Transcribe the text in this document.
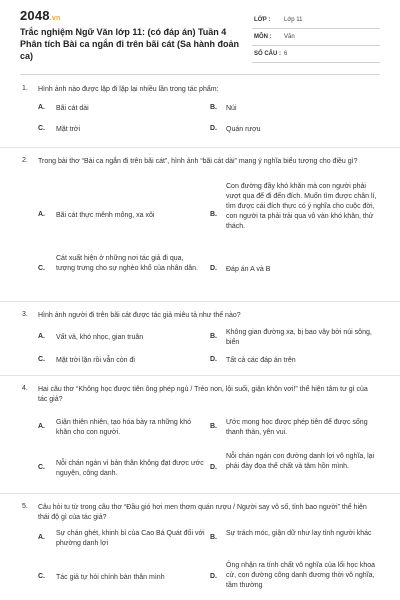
2048.vn
Trắc nghiệm Ngữ Văn lớp 11: (có đáp án) Tuần 4 Phân tích Bài ca ngắn đi trên bãi cát (Sa hành đoản ca)
LỚP : Lớp 11
MÔN : Văn
SỐ CÂU : 6
1. Hình ảnh nào được lặp đi lặp lại nhiều lần trong tác phẩm:
A. Bãi cát dài	B. Núi
C. Mặt trời	D. Quán rượu
2. Trong bài thơ “Bài ca ngắn đi trên bãi cát”, hình ảnh “bãi cát dài” mang ý nghĩa biểu tượng cho điều gì?
A. Bãi cát thực mênh mông, xa xôi	B.
Con đường đầy khó khăn mà con người phải vượt qua để đi đến đích. Muốn tìm được chân lí, tìm được cái đích thực có ý nghĩa cho cuộc đời, con người ta phải trải qua vô vàn khó khăn, thử thách.
C.
Cát xuất hiện ở những nơi tác giả đi qua, tượng trưng cho sự nghèo khổ của nhân dân.	D. Đáp án A và B
3. Hình ảnh người đi trên bãi cát được tác giả miêu tả như thế nào?
A. Vất vả, khó nhọc, gian truân	B.
Không gian đường xa, bị bao vây bởi núi sông, biển
C. Mặt trời lặn rồi vẫn còn đi	D. Tất cả các đáp án trên
4. Hai câu thơ “Không học được tiên ông phép ngủ / Trèo non, lội suối, giận khôn vơi!” thể hiện tâm tư gì của tác giả?
A.
Giận thiên nhiên, tạo hóa bày ra những khó khăn cho con người.
B.
Ước mong học được phép tiên để được sống thanh thản, yên vui.
C.
Nỗi chán ngán vì bản thân không đạt được ước nguyện, công danh.
D.
Nỗi chán ngán con đường danh lợi vô nghĩa, lại phải đày đọa thể chất và tâm hồn mình.
5. Câu hỏi tu từ trong câu thơ “Đầu gió hơi men thơm quán rượu / Người say vô số, tỉnh bao người” thể hiện thái độ gì của tác giả?
A.
Sự chán ghét, khinh bỉ của Cao Bá Quát đối với phường danh lợi
B.
Sự trách móc, giận dữ như lay tỉnh người khác
C. Tác giả tự hỏi chính bản thân mình	D.
Ông nhận ra tính chất vô nghĩa của lối học khoa cử, con đường công danh đương thời vô nghĩa, tầm thường
